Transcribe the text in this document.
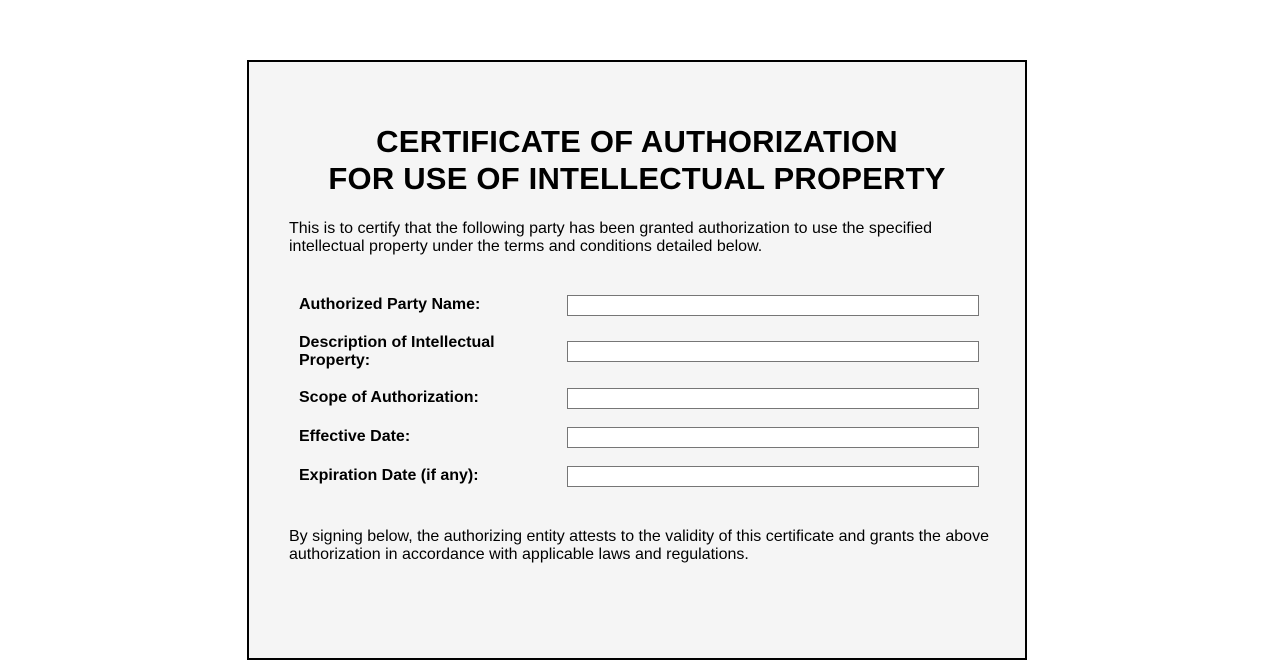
CERTIFICATE OF AUTHORIZATION
FOR USE OF INTELLECTUAL PROPERTY

This is to certify that the following party has been granted authorization to use the specified intellectual property under the terms and conditions detailed below.

Authorized Party Name:
Description of Intellectual Property:
Scope of Authorization:
Effective Date:
Expiration Date (if any):

By signing below, the authorizing entity attests to the validity of this certificate and grants the above authorization in accordance with applicable laws and regulations.
